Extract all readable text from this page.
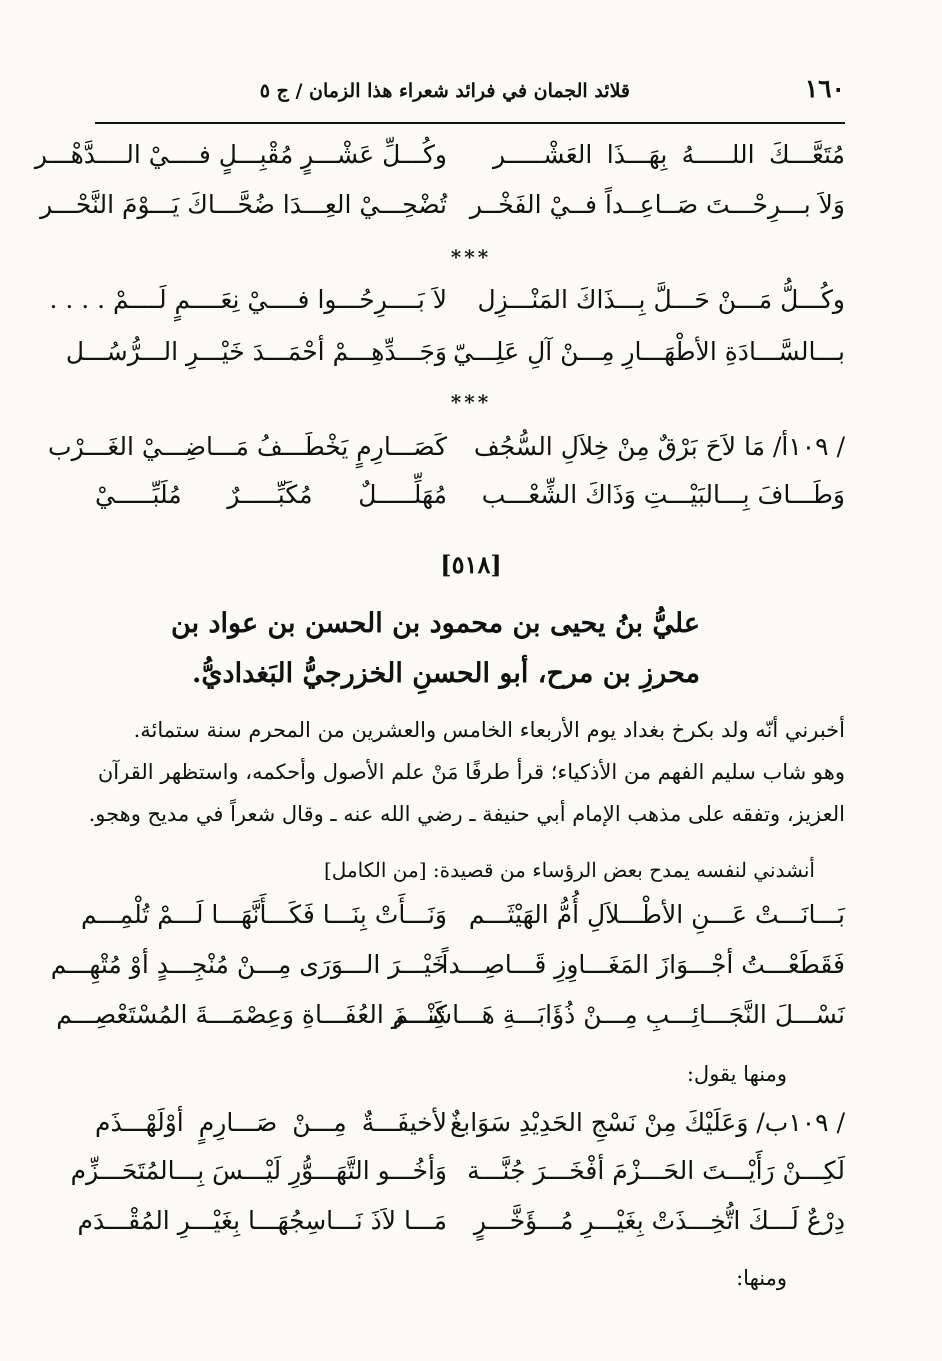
١٦٠
قلائد الجمان في فرائد شعراء هذا الزمان / ج ٥
مُتَعَّـــكَ اللـــــهُ بِهَـــذَا العَشْـــــر
وكُـــلِّ عَشْـــرٍ مُقْبِـــلٍ فــــيْ الــــدَّهْـــر
وَلاَ بـــرِحْـــتَ صَــاعِــداً فــيْ الفَخْــر
تُضْحِـــيْ العِـــدَا ضُحَّـــاكَ يَـــوْمَ النَّحْـــر
***
وكُـــلُّ مَـــنْ حَـــلَّ بِـــذَاكَ المَنْـــزِل
لاَ بَــــرِحُـــوا فــــيْ نِعَــــمٍ لَــــمْ . . . .
بـــالسَّـــادَةِ الأطْهَـــارِ مِـــنْ آلِ عَلِـــيّ
وَجَـــدِّهِـــمْ أحْمَـــدَ خَيْـــرِ الـــرُّسُـــل
***
/ ١٠٩أ/ مَا لاَحَ بَرْقٌ مِنْ خِلاَلِ السُّجُف
كَصَـــارِمٍ يَخْطَـــفُ مَـــاضِـــيْ الغَـــرْب
وَطَـــافَ بِـــالبَيْـــتِ وَذَاكَ الشِّعْـــب
مُهَلِّـــــلٌ مُكَبِّـــــرٌ مُلَبِّـــــيْ
[٥١٨]
عليُّ بنُ يحيى بن محمود بن الحسن بن عواد بن
محرزِ بن مرح، أبو الحسنِ الخزرجيُّ البَغداديُّ.
أخبرني أنّه ولد بكرخ بغداد يوم الأربعاء الخامس والعشرين من المحرم سنة ستمائة.
وهو شاب سليم الفهم من الأذكياء؛ قرأ طرفًا مَنْ علم الأصول وأحكمه، واستظهر القرآن
العزيز، وتفقه على مذهب الإمام أبي حنيفة ـ رضي الله عنه ـ وقال شعراً في مديح وهجو.
أنشدني لنفسه يمدح بعض الرؤساء من قصيدة: [من الكامل]
بَـــانَـــتْ عَـــنِ الأطْـــلاَلِ أُمُّ الهَيْثَـــم
وَنَـــأَتْ بِنَـــا فَكَـــأَنَّهَـــا لَـــمْ تُلْمِـــم
فَقَطَعْـــتُ أجْـــوَازَ المَغَـــاوِزِ قَـــاصِـــداً
خَيْـــرَ الـــوَرَى مِـــنْ مُنْجِـــدٍ أوْ مُتْهِـــم
نَسْـــلَ النَّجَـــائِـــبِ مِـــنْ ذُؤَابَـــةِ هَـــاشِـــم
كَنْـــزَ العُفَـــاةِ وَعِصْمَـــةَ المُسْتَعْصِـــم
ومنها يقول:
/ ١٠٩ب/ وَعَلَيْكَ مِنْ نَسْجِ الحَدِيْدِ سَوَابغٌ
لأخيفَـــةٌ مِـــنْ صَـــارِمٍ أوْلَهْـــذَم
لَكِـــنْ رَأَيْـــتَ الحَـــزْمَ أفْخَـــرَ جُنَّـــة
وَأخُـــو التَّهَـــوُّرِ لَيْـــسَ بِـــالمُتَحَـــزِّم
دِرْعٌ لَـــكَ اتُّخِـــذَتْ بِغَيْـــرِ مُـــؤَخَّـــرٍ
مَـــا لاَذَ نَـــاسِجُهَـــا بِغَيْـــرِ المُقْـــدَم
ومنها:
